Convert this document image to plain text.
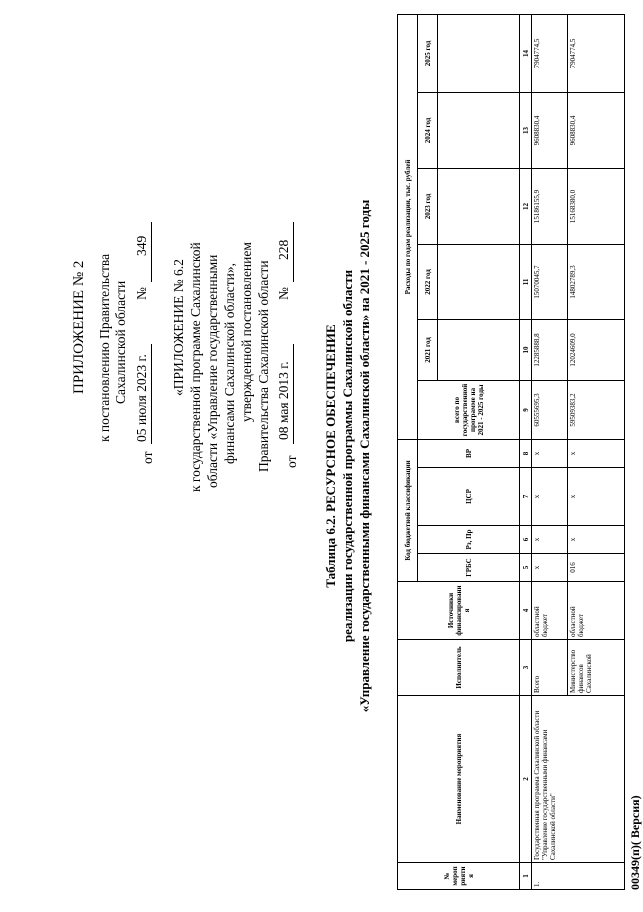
ПРИЛОЖЕНИЕ № 2 к постановлению Правительства Сахалинской области
от
05 июля 2023 г.
№
349
«ПРИЛОЖЕНИЕ № 6.2 к государственной программе Сахалинской области «Управление государственными финансами Сахалинской области», утвержденной постановлением Правительства Сахалинской области от
08 мая 2013 г.
№
228
Таблица 6.2. РЕСУРСНОЕ ОБЕСПЕЧЕНИЕ реализации государственной программы Сахалинской области «Управление государственными финансами Сахалинской области» на 2021 - 2025 годы
№ мероприятия	Наименование мероприятия	Исполнитель	Источники финансирования	Код бюджетной классификации				Расходы по годам реализации, тыс. рублей					
				ГРБС	Рз, Пр	ЦСР	ВР	всего по государственной программе на 2021 - 2025 годы	2021 год	2022 год	2023 год	2024 год	2025 год

1	2	3	4	5	6	7	8	9	10	11	12	13	14
1.	Государственная программа Сахалинской области "Управление государственными финансами Сахалинской области"	Всего	областной бюджет	х	х	х	х	60555695,3	12285888,8	15070045,7	15186155,9	9608830,4	7904774,5
		Министерство финансов Сахалинской	областной бюджет	016	х	х	х	59509383,2	12024609,0	14802789,3	15168380,0	9608830,4	7904774,5
00349(п)( Версия)
